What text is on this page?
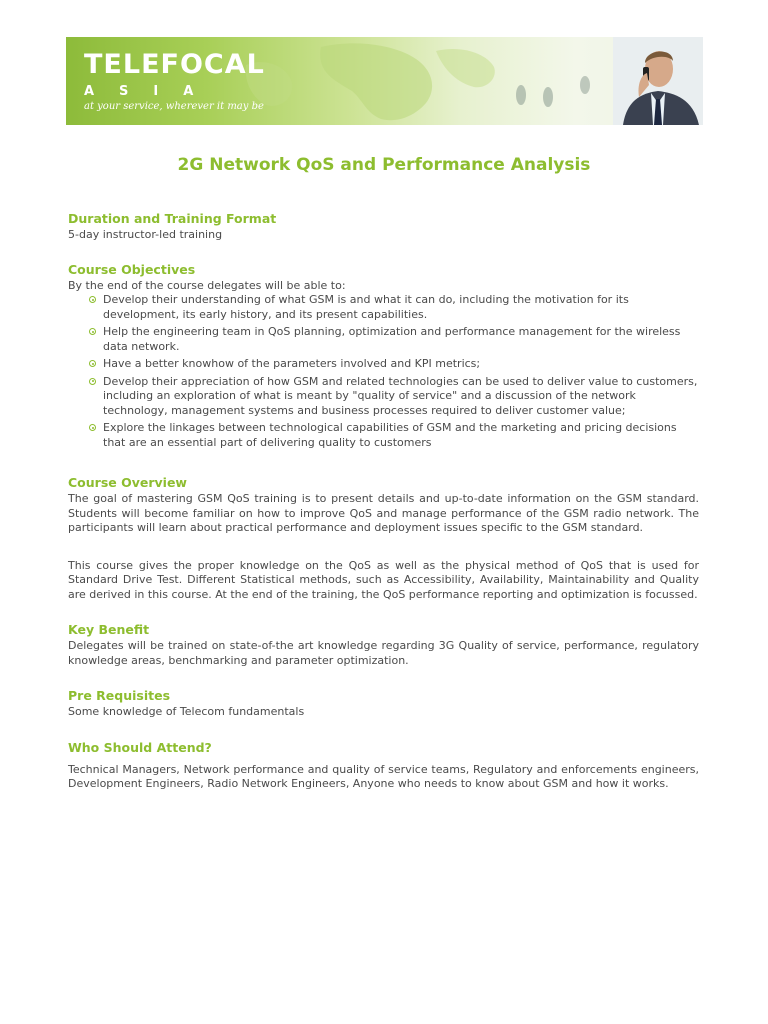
TELEFOCAL
ASIA
at your service, wherever it may be
2G Network QoS and Performance Analysis
Duration and Training Format

5-day instructor-led training

Course Objectives

By the end of the course delegates will be able to:

Develop their understanding of what GSM is and what it can do, including the motivation for its development, its early history, and its present capabilities.
Help the engineering team in QoS planning, optimization and performance management for the wireless data network.
Have a better knowhow of the parameters involved and KPI metrics;
Develop their appreciation of how GSM and related technologies can be used to deliver value to customers, including an exploration of what is meant by "quality of service" and a discussion of the network technology, management systems and business processes required to deliver customer value;
Explore the linkages between technological capabilities of GSM and the marketing and pricing decisions that are an essential part of delivering quality to customers
Course Overview

The goal of mastering GSM QoS training is to present details and up-to-date information on the GSM standard. Students will become familiar on how to improve QoS and manage performance of the GSM radio network. The participants will learn about practical performance and deployment issues specific to the GSM standard.

This course gives the proper knowledge on the QoS as well as the physical method of QoS that is used for Standard Drive Test. Different Statistical methods, such as Accessibility, Availability, Maintainability and Quality are derived in this course. At the end of the training, the QoS performance reporting and optimization is focussed.

Key Benefit

Delegates will be trained on state-of-the art knowledge regarding 3G Quality of service, performance, regulatory knowledge areas, benchmarking and parameter optimization.

Pre Requisites

Some knowledge of Telecom fundamentals

Who Should Attend?

Technical Managers, Network performance and quality of service teams, Regulatory and enforcements engineers, Development Engineers, Radio Network Engineers, Anyone who needs to know about GSM and how it works.
